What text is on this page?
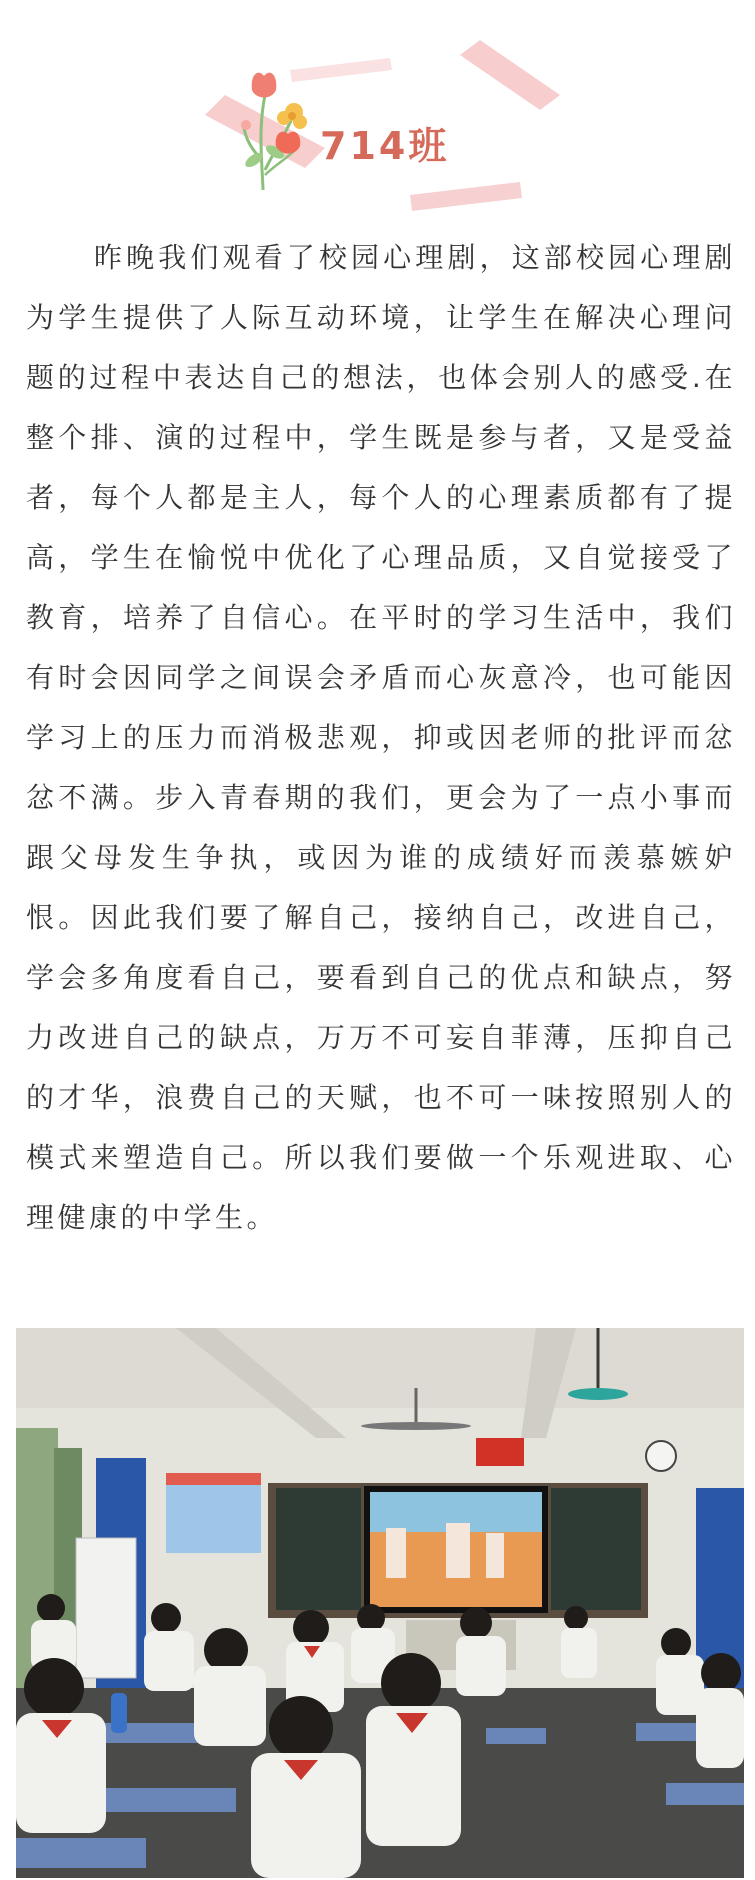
714班

昨晚我们观看了校园心理剧，这部校园心理剧为学生提供了人际互动环境，让学生在解决心理问题的过程中表达自己的想法，也体会别人的感受.在整个排、演的过程中，学生既是参与者，又是受益者，每个人都是主人，每个人的心理素质都有了提高，学生在愉悦中优化了心理品质，又自觉接受了教育，培养了自信心。在平时的学习生活中，我们有时会因同学之间误会矛盾而心灰意冷，也可能因学习上的压力而消极悲观，抑或因老师的批评而忿忿不满。步入青春期的我们，更会为了一点小事而跟父母发生争执，或因为谁的成绩好而羡慕嫉妒恨。因此我们要了解自己，接纳自己，改进自己，学会多角度看自己，要看到自己的优点和缺点，努力改进自己的缺点，万万不可妄自菲薄，压抑自己的才华，浪费自己的天赋，也不可一味按照别人的模式来塑造自己。所以我们要做一个乐观进取、心理健康的中学生。
